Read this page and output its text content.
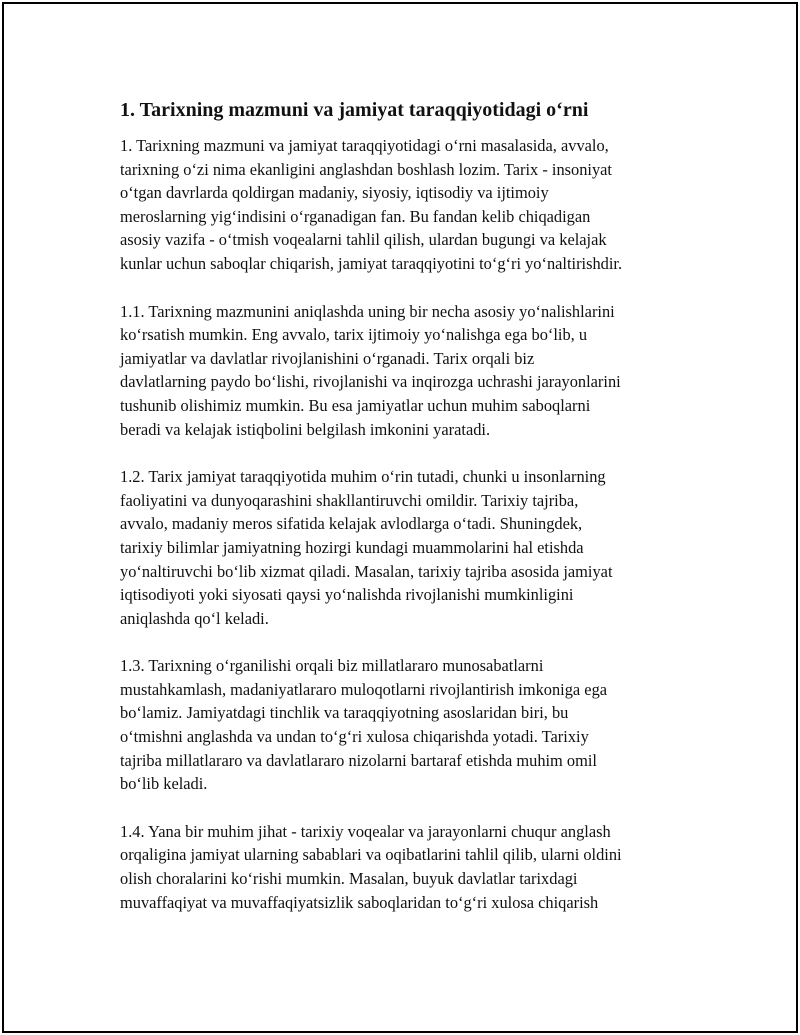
1. Tarixning mazmuni va jamiyat taraqqiyotidagi o‘rni
1. Tarixning mazmuni va jamiyat taraqqiyotidagi o‘rni masalasida, avvalo,
tarixning o‘zi nima ekanligini anglashdan boshlash lozim. Tarix - insoniyat
o‘tgan davrlarda qoldirgan madaniy, siyosiy, iqtisodiy va ijtimoiy
meroslarning yig‘indisini o‘rganadigan fan. Bu fandan kelib chiqadigan
asosiy vazifa - o‘tmish voqealarni tahlil qilish, ulardan bugungi va kelajak
kunlar uchun saboqlar chiqarish, jamiyat taraqqiyotini to‘g‘ri yo‘naltirishdir.
1.1. Tarixning mazmunini aniqlashda uning bir necha asosiy yo‘nalishlarini
ko‘rsatish mumkin. Eng avvalo, tarix ijtimoiy yo‘nalishga ega bo‘lib, u
jamiyatlar va davlatlar rivojlanishini o‘rganadi. Tarix orqali biz
davlatlarning paydo bo‘lishi, rivojlanishi va inqirozga uchrashi jarayonlarini
tushunib olishimiz mumkin. Bu esa jamiyatlar uchun muhim saboqlarni
beradi va kelajak istiqbolini belgilash imkonini yaratadi.
1.2. Tarix jamiyat taraqqiyotida muhim o‘rin tutadi, chunki u insonlarning
faoliyatini va dunyoqarashini shakllantiruvchi omildir. Tarixiy tajriba,
avvalo, madaniy meros sifatida kelajak avlodlarga o‘tadi. Shuningdek,
tarixiy bilimlar jamiyatning hozirgi kundagi muammolarini hal etishda
yo‘naltiruvchi bo‘lib xizmat qiladi. Masalan, tarixiy tajriba asosida jamiyat
iqtisodiyoti yoki siyosati qaysi yo‘nalishda rivojlanishi mumkinligini
aniqlashda qo‘l keladi.
1.3. Tarixning o‘rganilishi orqali biz millatlararo munosabatlarni
mustahkamlash, madaniyatlararo muloqotlarni rivojlantirish imkoniga ega
bo‘lamiz. Jamiyatdagi tinchlik va taraqqiyotning asoslaridan biri, bu
o‘tmishni anglashda va undan to‘g‘ri xulosa chiqarishda yotadi. Tarixiy
tajriba millatlararo va davlatlararo nizolarni bartaraf etishda muhim omil
bo‘lib keladi.
1.4. Yana bir muhim jihat - tarixiy voqealar va jarayonlarni chuqur anglash
orqaligina jamiyat ularning sabablari va oqibatlarini tahlil qilib, ularni oldini
olish choralarini ko‘rishi mumkin. Masalan, buyuk davlatlar tarixdagi
muvaffaqiyat va muvaffaqiyatsizlik saboqlaridan to‘g‘ri xulosa chiqarish
